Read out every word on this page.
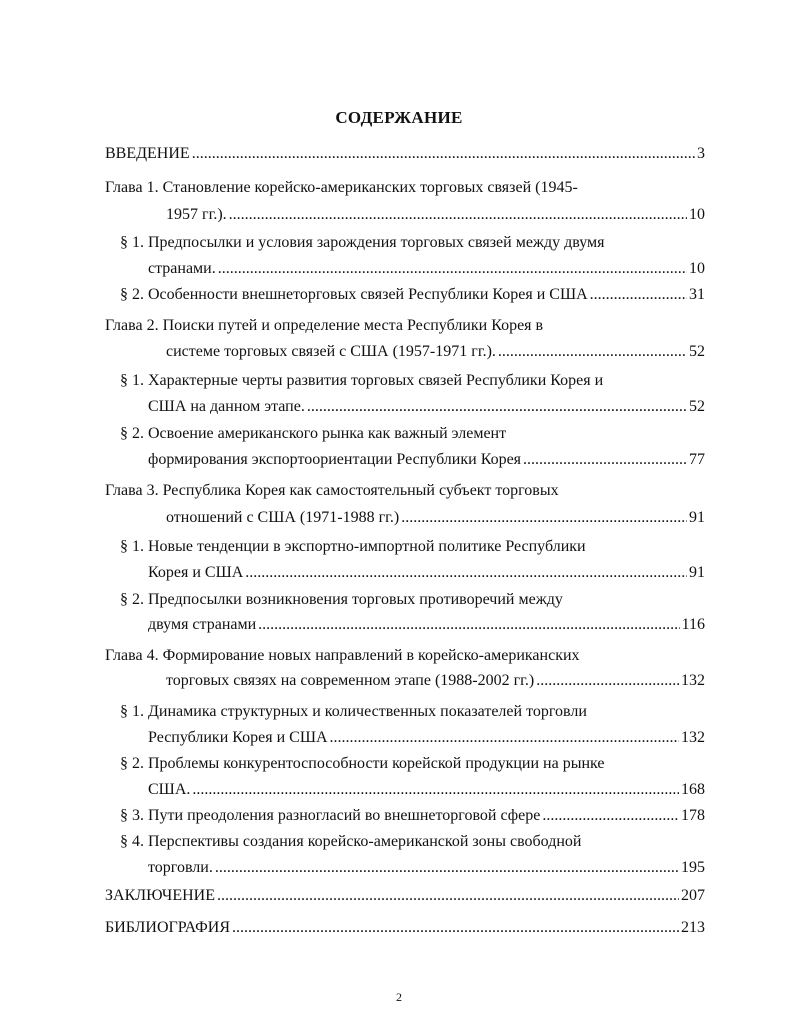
СОДЕРЖАНИЕ
ВВЕДЕНИЕ .....	3
Глава 1. Становление корейско-американских торговых связей (1945-
1957 гг.). .....	10
§ 1. Предпосылки и условия зарождения торговых связей между двумя
странами. .....	10
§ 2. Особенности внешнеторговых связей Республики Корея и США .....	31
Глава 2. Поиски путей и определение места Республики Корея в
системе торговых связей с США (1957-1971 гг.). .....	52
§ 1. Характерные черты развития торговых связей Республики Корея и
США на данном этапе. .....	52
§ 2. Освоение американского рынка как важный элемент
формирования экспортоориентации Республики Корея .....	77
Глава 3. Республика Корея как самостоятельный субъект торговых
отношений с США (1971-1988 гг.) .....	91
§ 1. Новые тенденции в экспортно-импортной политике Республики
Корея и США .....	91
§ 2. Предпосылки возникновения торговых противоречий между
двумя странами .....	116
Глава 4. Формирование новых направлений в корейско-американских
торговых связях на современном этапе (1988-2002 гг.) .....	132
§ 1. Динамика структурных и количественных показателей торговли
Республики Корея и США .....	132
§ 2. Проблемы конкурентоспособности корейской продукции на рынке
США. .....	168
§ 3. Пути преодоления разногласий во внешнеторговой сфере .....	178
§ 4. Перспективы создания корейско-американской зоны свободной
торговли. .....	195
ЗАКЛЮЧЕНИЕ .....	207
БИБЛИОГРАФИЯ .....	213
2
